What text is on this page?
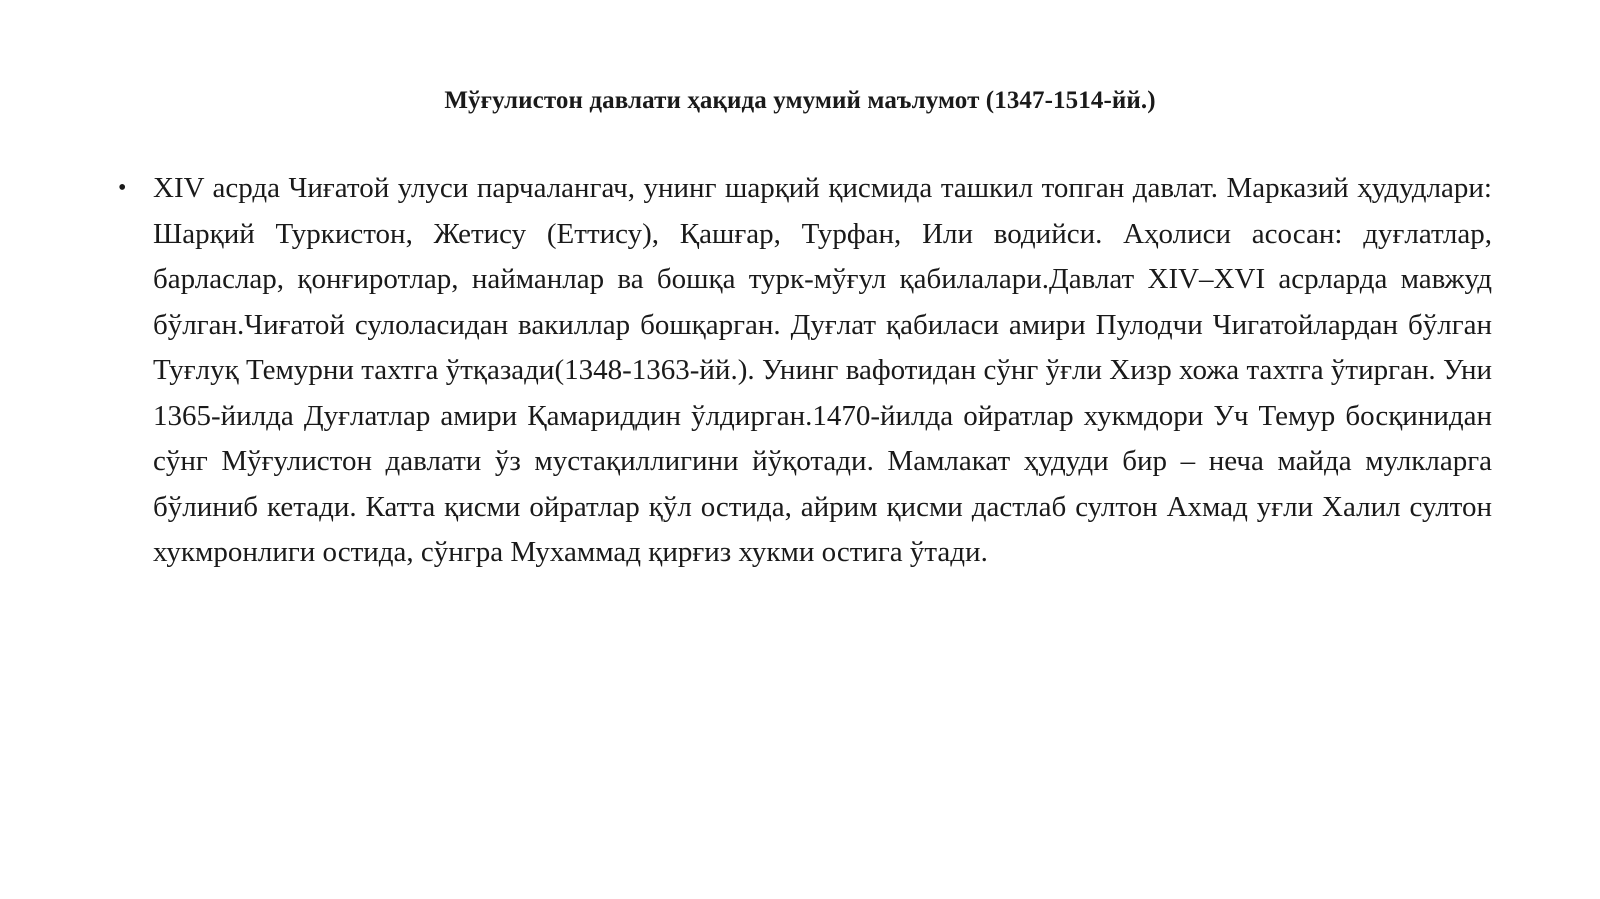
Мўғулистон давлати ҳақида умумий маълумот (1347-1514-йй.)
• XIV асрда Чиғатой улуси парчалангач, унинг шарқий қисмида ташкил топган давлат. Марказий ҳудудлари: Шарқий Туркистон, Жетису (Еттису), Қашғар, Турфан, Или водийси. Аҳолиси асосан: дуғлатлар, барласлар, қонғиротлар, найманлар ва бошқа турк-мўғул қабилалари.Давлат XIV–XVI асрларда мавжуд бўлган.Чиғатой сулоласидан вакиллар бошқарган. Дуғлат қабиласи амири Пулодчи Чигатойлардан бўлган Туғлуқ Темурни тахтга ўтқазади(1348-1363-йй.). Унинг вафотидан сўнг ўғли Хизр хожа тахтга ўтирган. Уни 1365-йилда Дуғлатлар амири Қамариддин ўлдирган.1470-йилда ойратлар хукмдори Уч Темур босқинидан сўнг Мўғулистон давлати ўз мустақиллигини йўқотади. Мамлакат ҳудуди бир – неча майда мулкларга бўлиниб кетади. Катта қисми ойратлар қўл остида, айрим қисми дастлаб султон Ахмад уғли Халил султон хукмронлиги остида, сўнгра Мухаммад қирғиз хукми остига ўтади.
